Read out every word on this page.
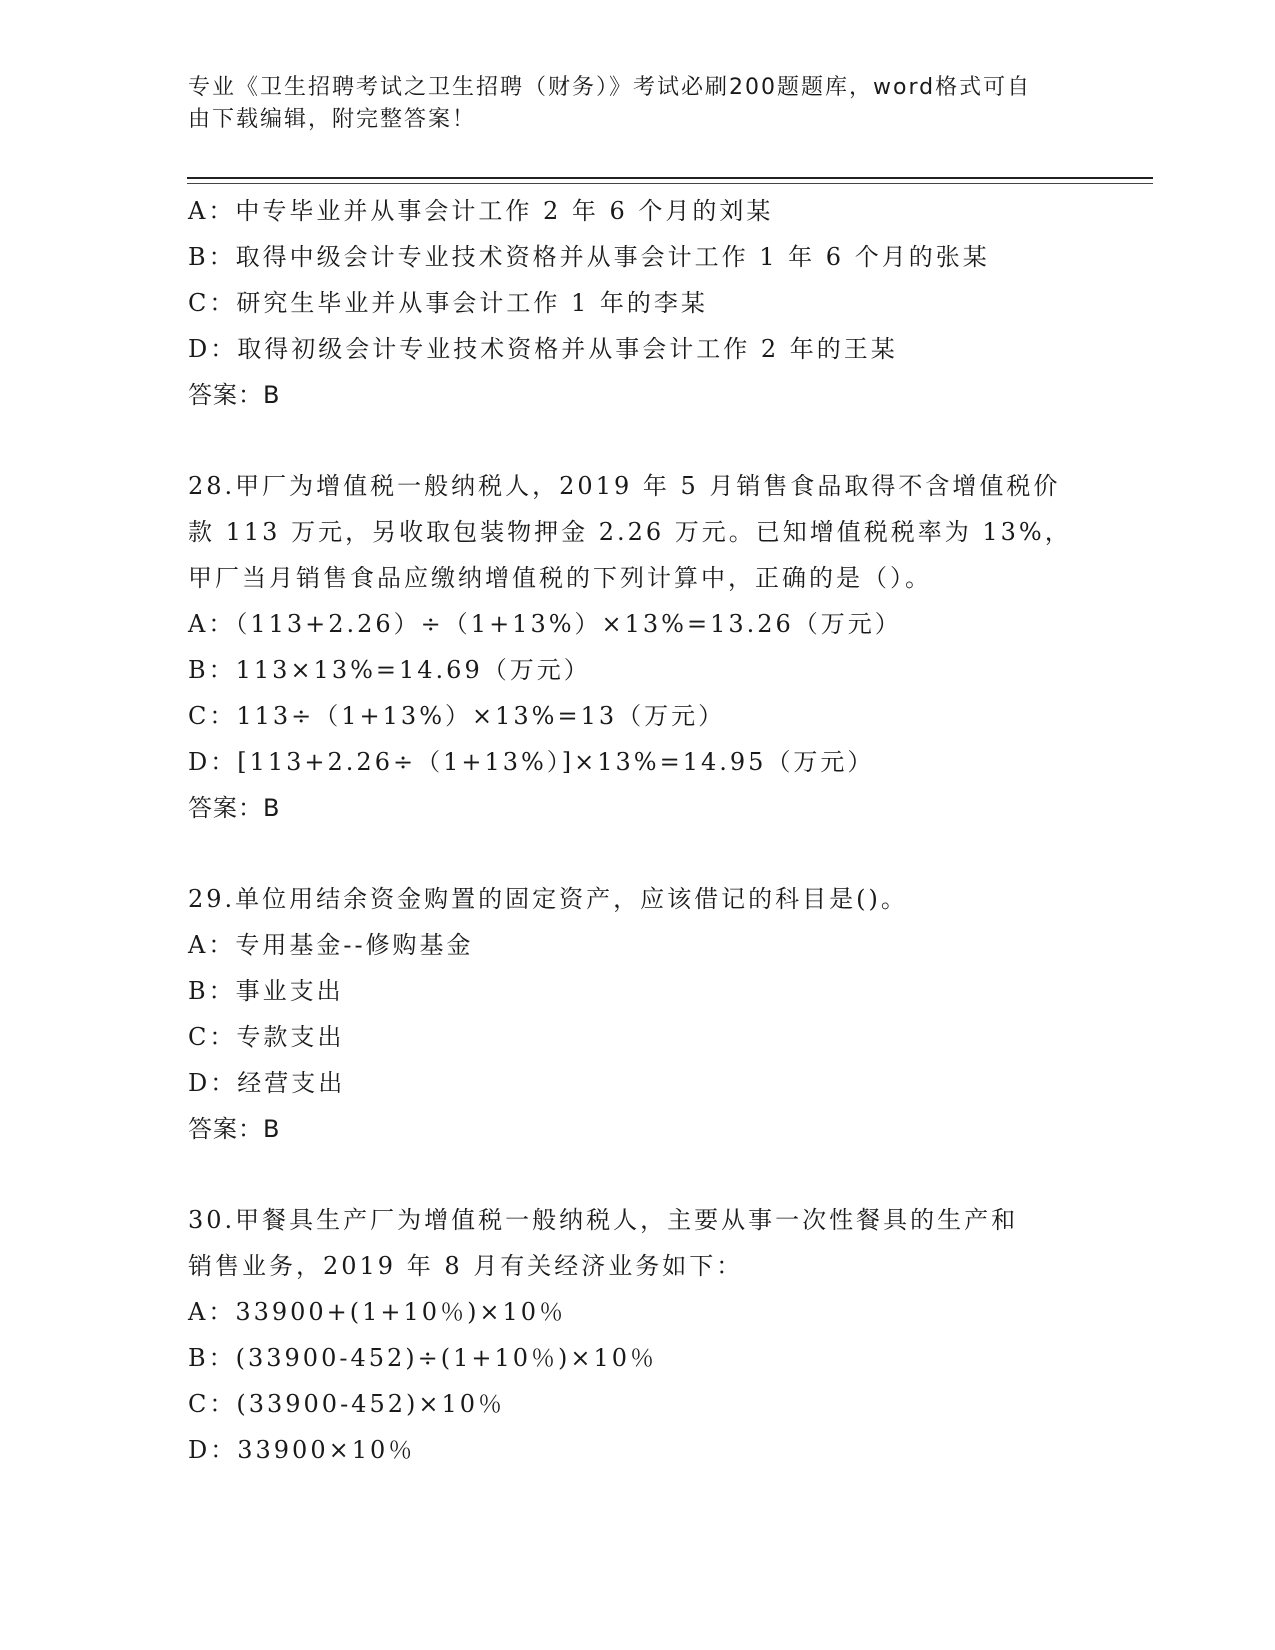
专业《卫生招聘考试之卫生招聘（财务）》考试必刷200题题库，word格式可自
由下载编辑，附完整答案！
A：中专毕业并从事会计工作 2 年 6 个月的刘某
B：取得中级会计专业技术资格并从事会计工作 1 年 6 个月的张某
C：研究生毕业并从事会计工作 1 年的李某
D：取得初级会计专业技术资格并从事会计工作 2 年的王某
答案：B
28.甲厂为增值税一般纳税人，2019 年 5 月销售食品取得不含增值税价
款 113 万元，另收取包装物押金 2.26 万元。已知增值税税率为 13%，
甲厂当月销售食品应缴纳增值税的下列计算中，正确的是（）。
A：（113+2.26）÷（1+13%）×13%=13.26（万元）
B：113×13%=14.69（万元）
C：113÷（1+13%）×13%=13（万元）
D：[113+2.26÷（1+13%）]×13%=14.95（万元）
答案：B
29.单位用结余资金购置的固定资产，应该借记的科目是()。
A：专用基金--修购基金
B：事业支出
C：专款支出
D：经营支出
答案：B
30.甲餐具生产厂为增值税一般纳税人，主要从事一次性餐具的生产和
销售业务，2019 年 8 月有关经济业务如下：
A：33900+(1+10％)×10％
B：(33900-452)÷(1+10％)×10％
C：(33900-452)×10％
D：33900×10％
